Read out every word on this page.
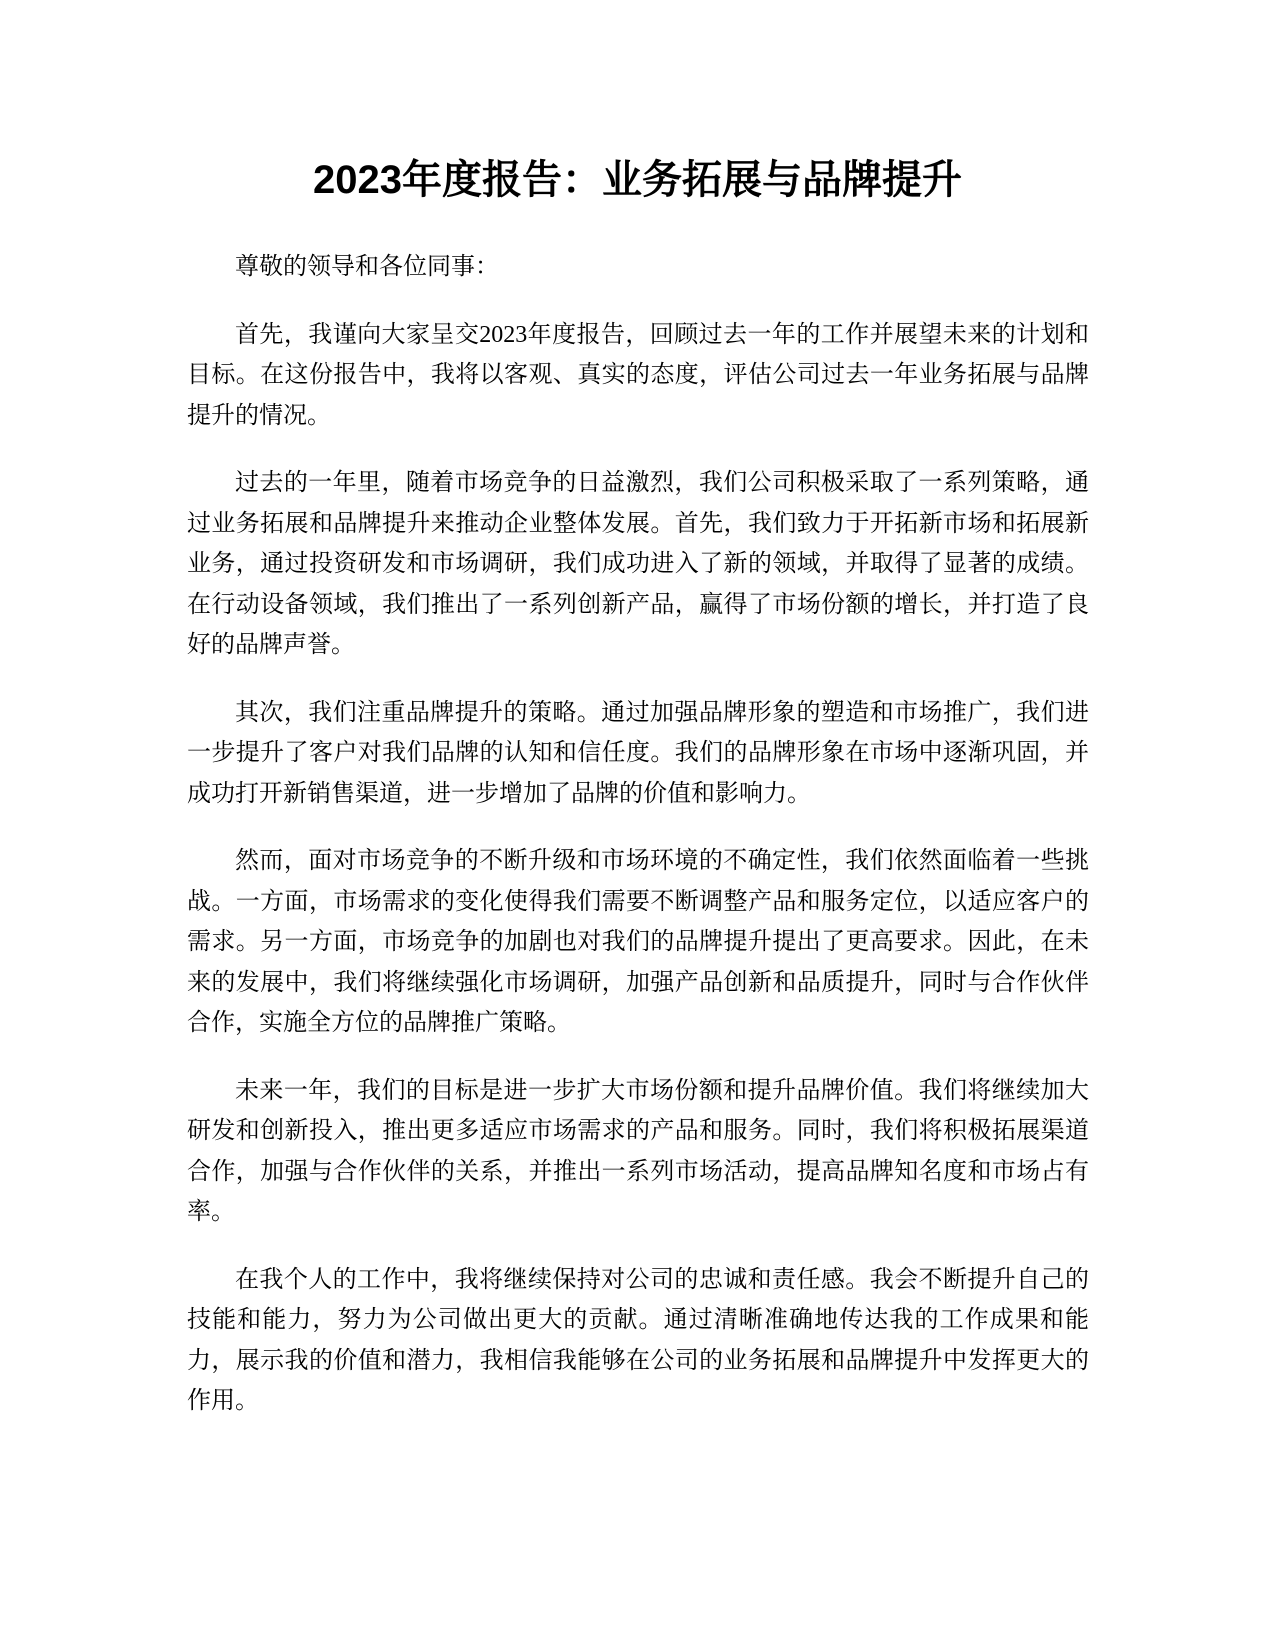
2023年度报告：业务拓展与品牌提升

尊敬的领导和各位同事：

首先，我谨向大家呈交2023年度报告，回顾过去一年的工作并展望未来的计划和目标。在这份报告中，我将以客观、真实的态度，评估公司过去一年业务拓展与品牌提升的情况。

过去的一年里，随着市场竞争的日益激烈，我们公司积极采取了一系列策略，通过业务拓展和品牌提升来推动企业整体发展。首先，我们致力于开拓新市场和拓展新业务，通过投资研发和市场调研，我们成功进入了新的领域，并取得了显著的成绩。在行动设备领域，我们推出了一系列创新产品，赢得了市场份额的增长，并打造了良好的品牌声誉。

其次，我们注重品牌提升的策略。通过加强品牌形象的塑造和市场推广，我们进一步提升了客户对我们品牌的认知和信任度。我们的品牌形象在市场中逐渐巩固，并成功打开新销售渠道，进一步增加了品牌的价值和影响力。

然而，面对市场竞争的不断升级和市场环境的不确定性，我们依然面临着一些挑战。一方面，市场需求的变化使得我们需要不断调整产品和服务定位，以适应客户的需求。另一方面，市场竞争的加剧也对我们的品牌提升提出了更高要求。因此，在未来的发展中，我们将继续强化市场调研，加强产品创新和品质提升，同时与合作伙伴合作，实施全方位的品牌推广策略。

未来一年，我们的目标是进一步扩大市场份额和提升品牌价值。我们将继续加大研发和创新投入，推出更多适应市场需求的产品和服务。同时，我们将积极拓展渠道合作，加强与合作伙伴的关系，并推出一系列市场活动，提高品牌知名度和市场占有率。

在我个人的工作中，我将继续保持对公司的忠诚和责任感。我会不断提升自己的技能和能力，努力为公司做出更大的贡献。通过清晰准确地传达我的工作成果和能力，展示我的价值和潜力，我相信我能够在公司的业务拓展和品牌提升中发挥更大的作用。
